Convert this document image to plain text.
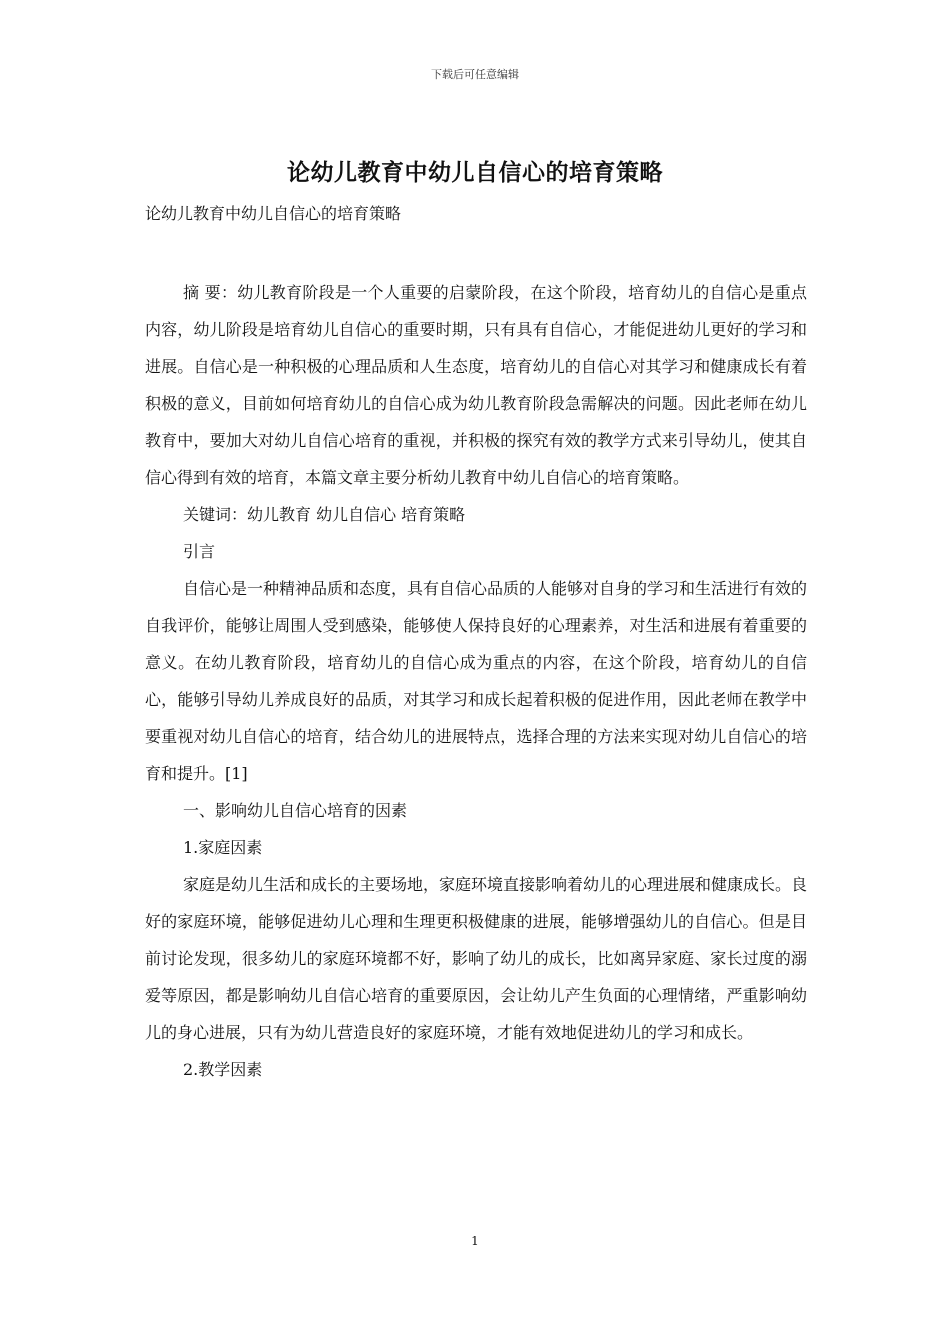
下载后可任意编辑
论幼儿教育中幼儿自信心的培育策略
论幼儿教育中幼儿自信心的培育策略

摘 要：幼儿教育阶段是一个人重要的启蒙阶段，在这个阶段，培育幼儿的自信心是重点内容，幼儿阶段是培育幼儿自信心的重要时期，只有具有自信心，才能促进幼儿更好的学习和进展。自信心是一种积极的心理品质和人生态度，培育幼儿的自信心对其学习和健康成长有着积极的意义，目前如何培育幼儿的自信心成为幼儿教育阶段急需解决的问题。因此老师在幼儿教育中，要加大对幼儿自信心培育的重视，并积极的探究有效的教学方式来引导幼儿，使其自信心得到有效的培育，本篇文章主要分析幼儿教育中幼儿自信心的培育策略。

关键词：幼儿教育 幼儿自信心 培育策略

引言

自信心是一种精神品质和态度，具有自信心品质的人能够对自身的学习和生活进行有效的自我评价，能够让周围人受到感染，能够使人保持良好的心理素养，对生活和进展有着重要的意义。在幼儿教育阶段，培育幼儿的自信心成为重点的内容，在这个阶段，培育幼儿的自信心，能够引导幼儿养成良好的品质，对其学习和成长起着积极的促进作用，因此老师在教学中要重视对幼儿自信心的培育，结合幼儿的进展特点，选择合理的方法来实现对幼儿自信心的培育和提升。[1]

一、影响幼儿自信心培育的因素

1.家庭因素

家庭是幼儿生活和成长的主要场地，家庭环境直接影响着幼儿的心理进展和健康成长。良好的家庭环境，能够促进幼儿心理和生理更积极健康的进展，能够增强幼儿的自信心。但是目前讨论发现，很多幼儿的家庭环境都不好，影响了幼儿的成长，比如离异家庭、家长过度的溺爱等原因，都是影响幼儿自信心培育的重要原因，会让幼儿产生负面的心理情绪，严重影响幼儿的身心进展，只有为幼儿营造良好的家庭环境，才能有效地促进幼儿的学习和成长。

2.教学因素

1
